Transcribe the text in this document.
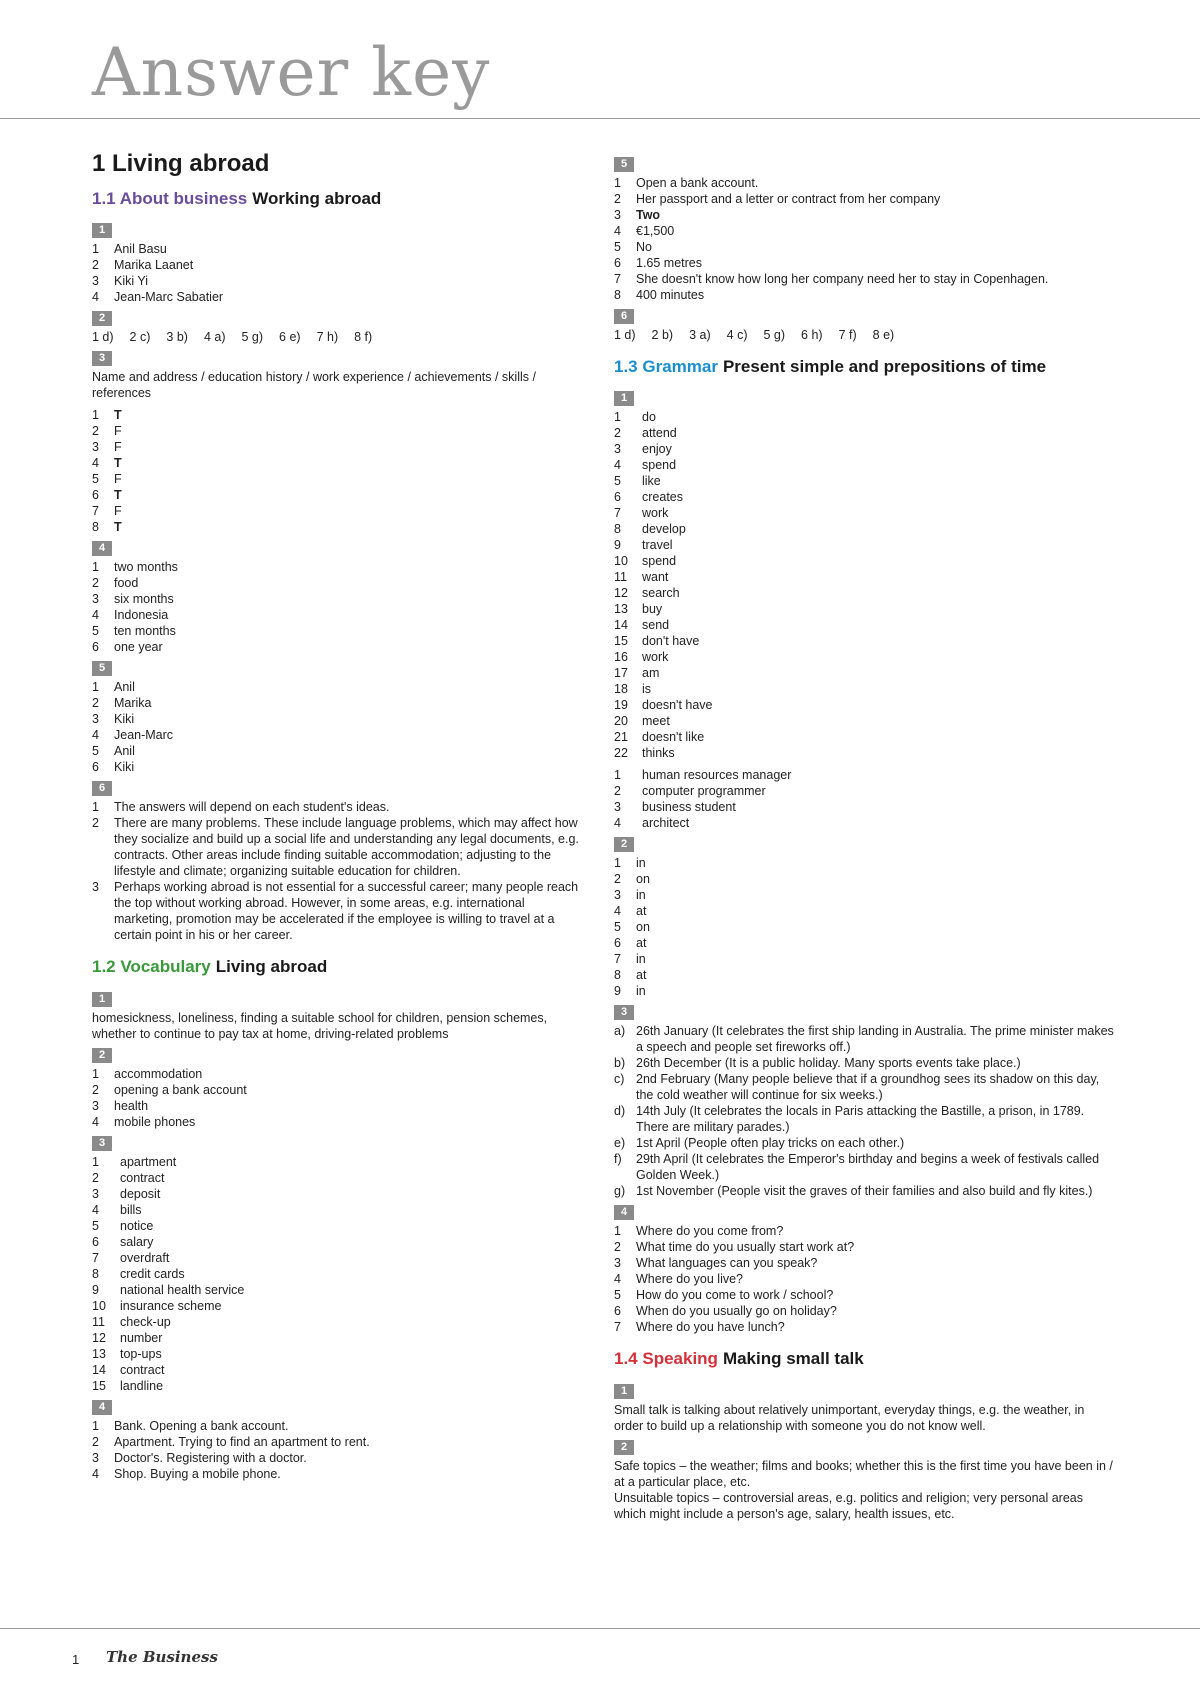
Answer key
1 Living abroad
1.1 About business Working abroad
1
1	Anil Basu
2	Marika Laanet
3	Kiki Yi
4	Jean-Marc Sabatier
2
1 d) 2 c) 3 b) 4 a) 5 g) 6 e) 7 h) 8 f)
3
Name and address / education history / work experience / achievements / skills / references
1	T
2	F
3	F
4	T
5	F
6	T
7	F
8	T
4
1	two months
2	food
3	six months
4	Indonesia
5	ten months
6	one year
5
1	Anil
2	Marika
3	Kiki
4	Jean-Marc
5	Anil
6	Kiki
6
1	The answers will depend on each student's ideas.
2	There are many problems. These include language problems, which may affect how they socialize and build up a social life and understanding any legal documents, e.g. contracts. Other areas include finding suitable accommodation; adjusting to the lifestyle and climate; organizing suitable education for children.
3	Perhaps working abroad is not essential for a successful career; many people reach the top without working abroad. However, in some areas, e.g. international marketing, promotion may be accelerated if the employee is willing to travel at a certain point in his or her career.
1.2 Vocabulary Living abroad
1
homesickness, loneliness, finding a suitable school for children, pension schemes, whether to continue to pay tax at home, driving-related problems
2
1	accommodation
2	opening a bank account
3	health
4	mobile phones
3
1	apartment
2	contract
3	deposit
4	bills
5	notice
6	salary
7	overdraft
8	credit cards
9	national health service
10	insurance scheme
11	check-up
12	number
13	top-ups
14	contract
15	landline
4
1	Bank. Opening a bank account.
2	Apartment. Trying to find an apartment to rent.
3	Doctor's. Registering with a doctor.
4	Shop. Buying a mobile phone.
5
1	Open a bank account.
2	Her passport and a letter or contract from her company
3	Two
4	€1,500
5	No
6	1.65 metres
7	She doesn't know how long her company need her to stay in Copenhagen.
8	400 minutes
6
1 d) 2 b) 3 a) 4 c) 5 g) 6 h) 7 f) 8 e)
1.3 Grammar Present simple and prepositions of time
1
1	do
2	attend
3	enjoy
4	spend
5	like
6	creates
7	work
8	develop
9	travel
10	spend
11	want
12	search
13	buy
14	send
15	don't have
16	work
17	am
18	is
19	doesn't have
20	meet
21	doesn't like
22	thinks
1	human resources manager
2	computer programmer
3	business student
4	architect
2
1	in
2	on
3	in
4	at
5	on
6	at
7	in
8	at
9	in
3
a) 26th January (It celebrates the first ship landing in Australia. The prime minister makes a speech and people set fireworks off.)
b) 26th December (It is a public holiday. Many sports events take place.)
c) 2nd February (Many people believe that if a groundhog sees its shadow on this day, the cold weather will continue for six weeks.)
d) 14th July (It celebrates the locals in Paris attacking the Bastille, a prison, in 1789. There are military parades.)
e) 1st April (People often play tricks on each other.)
f)	29th April (It celebrates the Emperor's birthday and begins a week of festivals called Golden Week.)
g) 1st November (People visit the graves of their families and also build and fly kites.)
4
1	Where do you come from?
2	What time do you usually start work at?
3	What languages can you speak?
4	Where do you live?
5	How do you come to work / school?
6	When do you usually go on holiday?
7	Where do you have lunch?
1.4 Speaking Making small talk
1
Small talk is talking about relatively unimportant, everyday things, e.g. the weather, in order to build up a relationship with someone you do not know well.
2
Safe topics – the weather; films and books; whether this is the first time you have been in / at a particular place, etc.
Unsuitable topics – controversial areas, e.g. politics and religion; very personal areas which might include a person's age, salary, health issues, etc.
1 The Business
